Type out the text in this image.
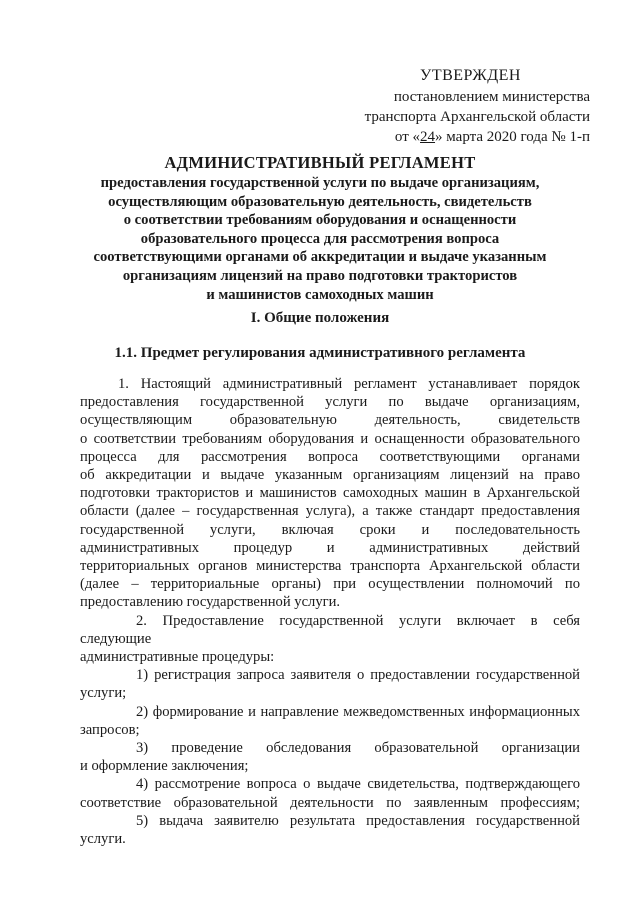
УТВЕРЖДЕН
постановлением министерства
транспорта Архангельской области
от «24» марта 2020 года № 1-п
АДМИНИСТРАТИВНЫЙ РЕГЛАМЕНТ
предоставления государственной услуги по выдаче организациям,
осуществляющим образовательную деятельность, свидетельств
о соответствии требованиям оборудования и оснащенности
образовательного процесса для рассмотрения вопроса
соответствующими органами об аккредитации и выдаче указанным
организациям лицензий на право подготовки трактористов
и машинистов самоходных машин
I. Общие положения
1.1. Предмет регулирования административного регламента
1. Настоящий административный регламент устанавливает порядок
предоставления государственной услуги по выдаче организациям,
осуществляющим образовательную деятельность, свидетельств
о соответствии требованиям оборудования и оснащенности образовательного
процесса для рассмотрения вопроса соответствующими органами
об аккредитации и выдаче указанным организациям лицензий на право
подготовки трактористов и машинистов самоходных машин в Архангельской
области (далее – государственная услуга), а также стандарт предоставления
государственной услуги, включая сроки и последовательность
административных процедур и административных действий
территориальных органов министерства транспорта Архангельской области
(далее – территориальные органы) при осуществлении полномочий по
предоставлению государственной услуги.
2. Предоставление государственной услуги включает в себя следующие
административные процедуры:
1) регистрация запроса заявителя о предоставлении государственной
услуги;
2) формирование и направление межведомственных информационных
запросов;
3) проведение обследования образовательной организации
и оформление заключения;
4) рассмотрение вопроса о выдаче свидетельства, подтверждающего
соответствие образовательной деятельности по заявленным профессиям;
5) выдача заявителю результата предоставления государственной
услуги.
